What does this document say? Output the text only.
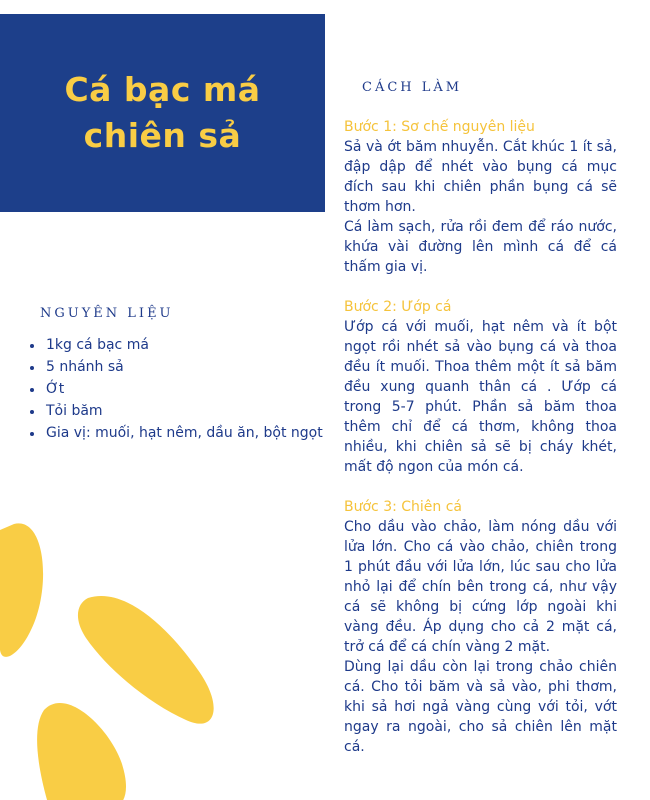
Cá bạc má
chiên sả
NGUYÊN LIỆU
• 1kg cá bạc má
• 5 nhánh sả
• Ớt
• Tỏi băm
• Gia vị: muối, hạt nêm, dầu ăn, bột ngọt
CÁCH LÀM

Bước 1: Sơ chế nguyên liệu

Sả và ớt băm nhuyễn. Cắt khúc 1 ít sả, đập dập để nhét vào bụng cá mục đích sau khi chiên phần bụng cá sẽ thơm hơn.

Cá làm sạch, rửa rồi đem để ráo nước, khứa vài đường lên mình cá để cá thấm gia vị.

Bước 2: Ướp cá

Ướp cá với muối, hạt nêm và ít bột ngọt rồi nhét sả vào bụng cá và thoa đều ít muối. Thoa thêm một ít sả băm đều xung quanh thân cá . Ướp cá trong 5-7 phút. Phần sả băm thoa thêm chỉ để cá thơm, không thoa nhiều, khi chiên sả sẽ bị cháy khét, mất độ ngon của món cá.

Bước 3: Chiên cá

Cho dầu vào chảo, làm nóng dầu với lửa lớn. Cho cá vào chảo, chiên trong 1 phút đầu với lửa lớn, lúc sau cho lửa nhỏ lại để chín bên trong cá, như vậy cá sẽ không bị cứng lớp ngoài khi vàng đều. Áp dụng cho cả 2 mặt cá, trở cá để cá chín vàng 2 mặt.

Dùng lại dầu còn lại trong chảo chiên cá. Cho tỏi băm và sả vào, phi thơm, khi sả hơi ngả vàng cùng với tỏi, vớt ngay ra ngoài, cho sả chiên lên mặt cá.
